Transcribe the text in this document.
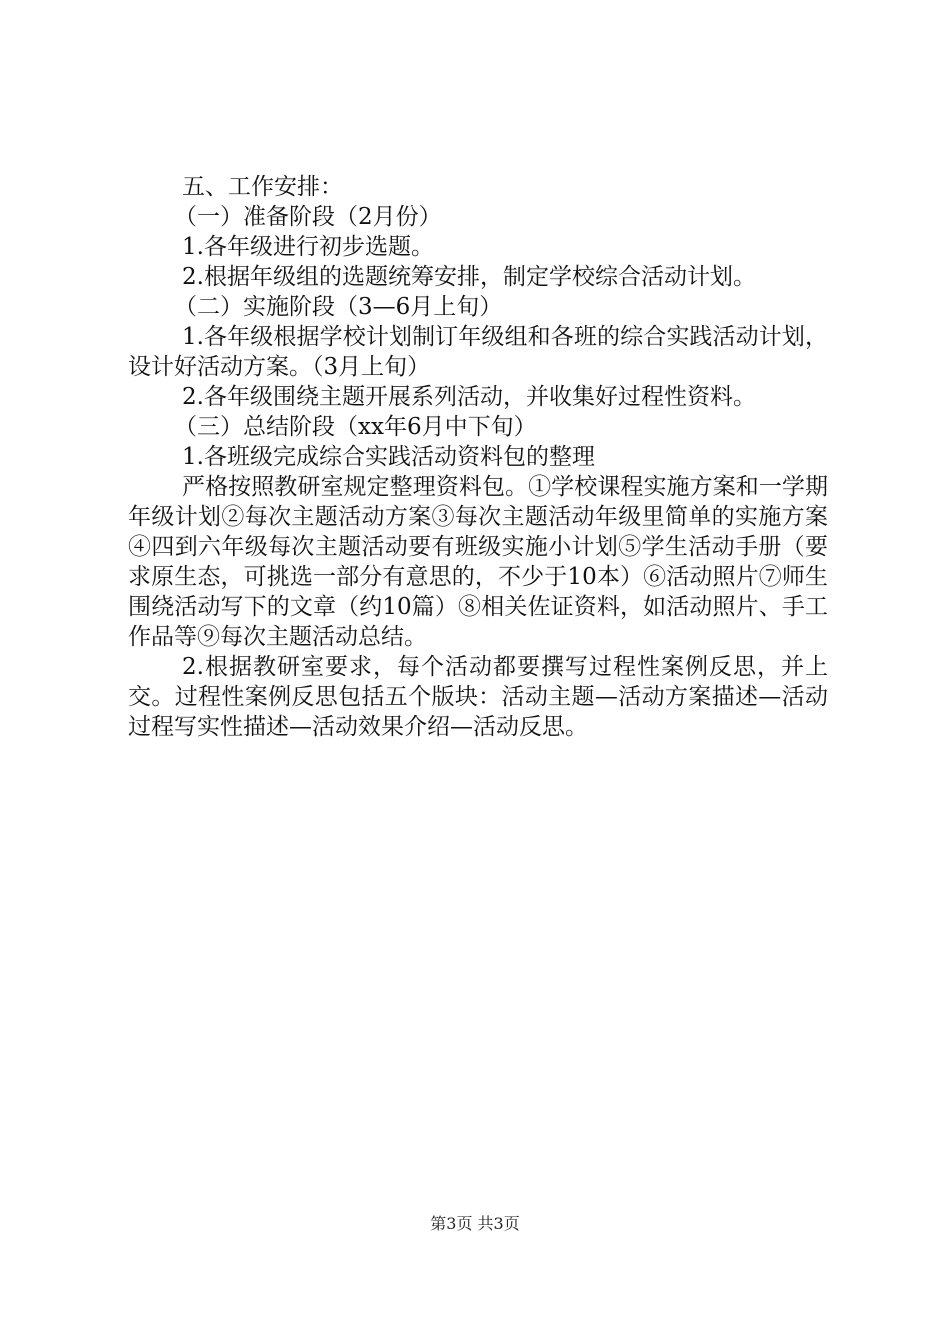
五、工作安排：

（一）准备阶段（2月份）

1.各年级进行初步选题。

2.根据年级组的选题统筹安排，制定学校综合活动计划。

（二）实施阶段（3—6月上旬）

1.各年级根据学校计划制订年级组和各班的综合实践活动计划，设计好活动方案。（3月上旬）

2.各年级围绕主题开展系列活动，并收集好过程性资料。

（三）总结阶段（xx年6月中下旬）

1.各班级完成综合实践活动资料包的整理

严格按照教研室规定整理资料包。①学校课程实施方案和一学期年级计划②每次主题活动方案③每次主题活动年级里简单的实施方案④四到六年级每次主题活动要有班级实施小计划⑤学生活动手册（要求原生态，可挑选一部分有意思的，不少于10本）⑥活动照片⑦师生围绕活动写下的文章（约10篇）⑧相关佐证资料，如活动照片、手工作品等⑨每次主题活动总结。

2.根据教研室要求，每个活动都要撰写过程性案例反思，并上交。过程性案例反思包括五个版块：活动主题—活动方案描述—活动过程写实性描述—活动效果介绍—活动反思。

第3页 共3页
